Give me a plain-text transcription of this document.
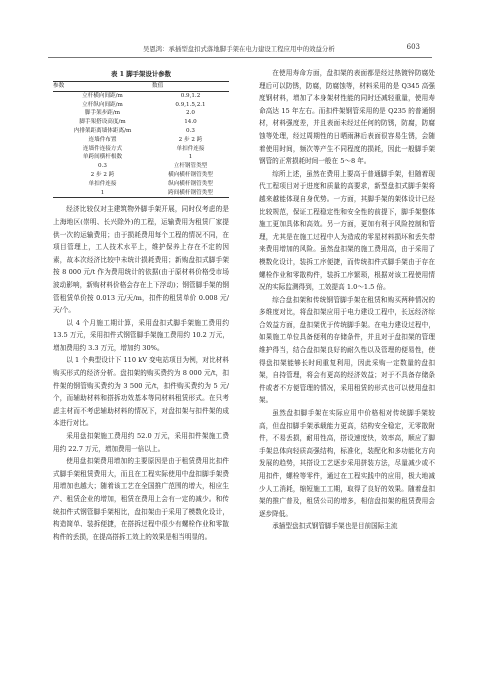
吴恩鸿：承插型盘扣式落地脚手架在电力建设工程应用中的效益分析	603
表 1 脚手架设计参数
参数	数值
立杆横向间距/m	0.9,1.2
立杆纵向间距/m	0.9,1.5,2.1
脚手架步距/m	2.0
脚手架搭设高度/m	14.0
内排架距离墙体距离/m	0.3
连墙件布置	2 步 2 跨
连墙件连接方式	单扣件连接
单跨间横杆根数	1
0.3	立杆钢管类型
2 步 2 跨	横向横杆钢管类型
单扣件连接	纵向横杆钢管类型
1	跨间横杆钢管类型

经济比较仅对主建筑物外脚手架开展，同时仅考虑的是上海地区(崇明、长兴除外)的工程，运输费用为租赁厂家提供一次的运输费用；由于损耗费用每个工程的情况不同，在项目管理上，工人技术水平上，维护保养上存在不定的因素，故本次经济比较中未统计损耗费用；新购盘扣式脚手架按 8 000 元/t 作为费用统计的依据(由于原材料价格受市场波动影响，新购材料价格会存在上下浮动)；钢管脚手架的钢管租赁单价按 0.013 元/天/m，扣件的租赁单价 0.008 元/天/个。

以 4 个月施工期计算，采用盘扣式脚手架施工费用约 13.5 万元，采用扣件式钢管脚手架施工费用约 10.2 万元，增加费用约 3.3 万元，增加约 30%。

以 1 个典型设计下 110 kV 变电站项目为例，对比材料购买形式的经济分析。盘扣架的购买费约为 8 000 元/t，扣件架的钢管购买费约为 3 500 元/t，扣件购买费约为 5 元/个，而辅助材料和搭拆功效基本等同材料租赁形式。在只考虑主材而不考虑辅助材料的情况下，对盘扣架与扣件架的成本进行对比。

采用盘扣架施工费用约 52.0 万元，采用扣件架施工费用约 22.7 万元，增加费用一倍以上。

使用盘扣架费用增加的主要原因是由于租赁费用比扣件式脚手架租赁费用大，而且在工程实际使用中盘扣脚手架费用增加也越大；随着该工艺在全国推广范围的增大，相应生产、租赁企业的增加，租赁在费用上会有一定的减少。和传统扣件式钢管脚手架相比，盘扣架由于采用了模数化设计，构造简单、装拆便捷，在搭拆过程中很少有螺栓作业和零散构件的丢损，在提高搭拆工效上的效果是相当明显的。

在使用寿命方面，盘扣架的表面都是经过热镀锌防腐处理后可以防锈，防腐，防腐蚀等，材料采用的是 Q345 高强度钢材料，增加了本身架材性能的同时还减轻重量，使用寿命高达 15 年左右。而扣件架钢管采用的是 Q235 的普通钢材，材料强度差，并且表面未经过任何的防锈，防腐，防腐蚀等处理，经过周期性的日晒雨淋后表面很容易生锈，会随着使用时间，频次等产生不同程度的损耗，因此一般脚手架钢管的正常损耗时间一般在 5～8 年。

综所上述，虽然在费用上要高于普通脚手架，但随着现代工程项目对于进度和质量的高要求，新型盘扣式脚手架将越来越能体现自身优势。一方面，其脚手架的架体设计已经比较规范，保证工程稳定性和安全性的前提下，脚手架整体施工更加具体和高效。另一方面，更加有利于风险控制和管理，尤其是在施工过程中人为造成的零星材料损坏和丢失带来费用增加的风险。虽然盘扣架的施工费用高，由于采用了模数化设计，装拆工序便捷，而传统扣件式脚手架由于存在螺栓作业和零散构件，装拆工序繁琐，根据对该工程使用情况的实际监测得到，工效提高 1.0～1.5 倍。

综合盘扣架和传统钢管脚手架在租赁和购买两种情况的多维度对比，将盘扣架应用于电力建设工程中，长远经济综合效益方面，盘扣架优于传统脚手架。在电力建设过程中，如果施工单位具备便利的存储条件，并且对于盘扣架的管理维护得当，结合盘扣架良好的耐久性以及管理的便易性，使得盘扣架能够长时间重复利用，因此采购一定数量的盘扣架，自持管理，将会有更高的经济效益；对于不具备存储条件或者不方便管理的情况，采用租赁的形式也可以使用盘扣架。

虽然盘扣脚手架在实际应用中价格相对传统脚手架较高，但盘扣脚手架承载能力更高，结构安全稳定，无零散附件，不易丢损，耐用性高，搭设速度快，效率高，顺应了脚手架总体向轻质高强结构，标准化，装配化和多功能化方向发展的趋势，其搭设工艺逐步采用拼装方法，尽量减少或不用扣件，螺栓等零件，通过在工程实践中的应用，极大地减少人工消耗，缩短施工工期，取得了良好的效果。随着盘扣架的推广普及，租赁公司的增多，相信盘扣架的租赁费用会逐步降低。

承插型盘扣式钢管脚手架也是目前国际主流
